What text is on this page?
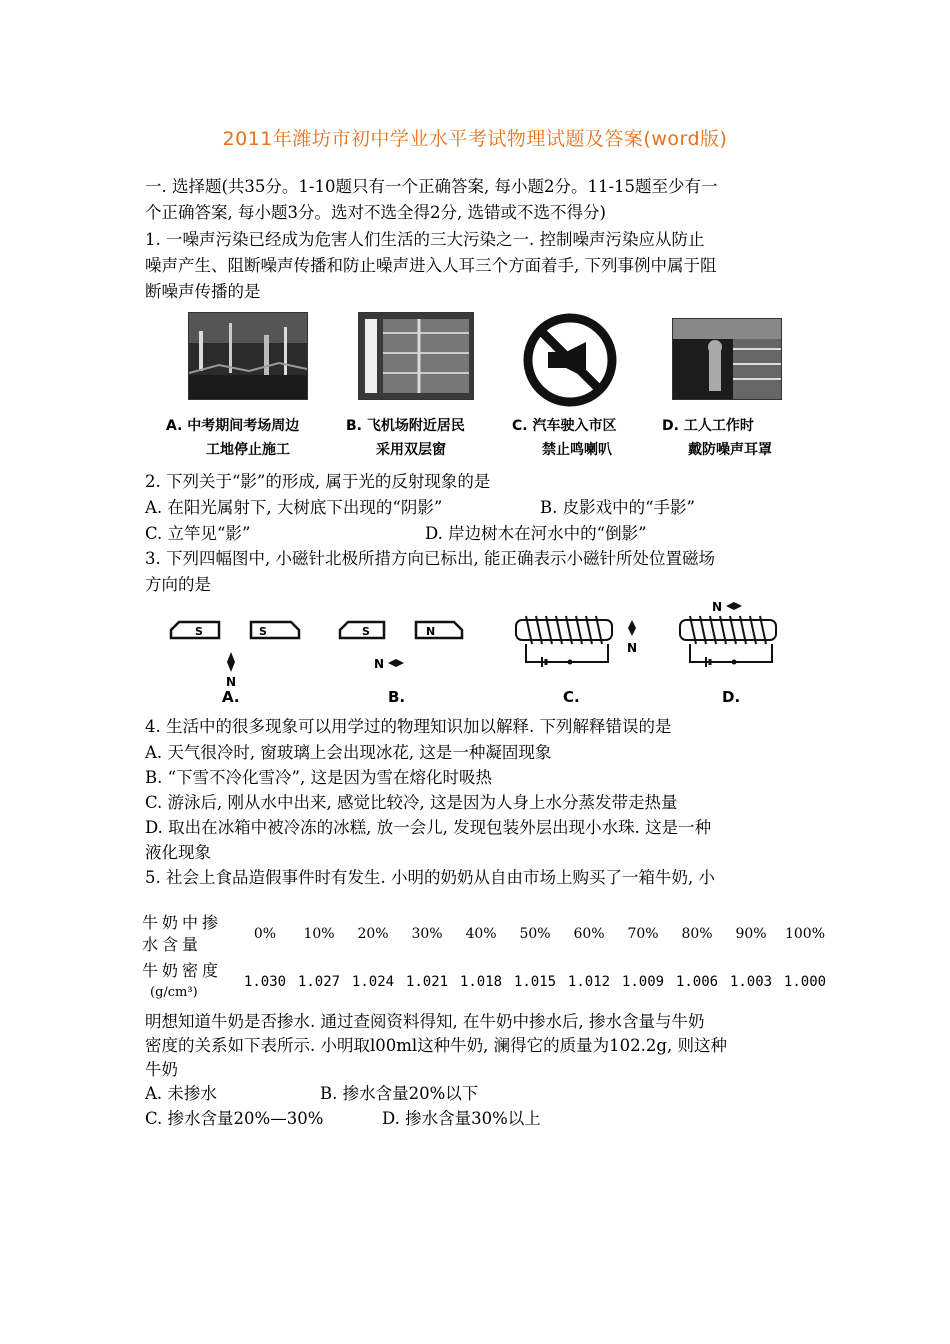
2011年潍坊市初中学业水平考试物理试题及答案(word版)
一. 选择题(共35分。1-10题只有一个正确答案, 每小题2分。11-15题至少有一
个正确答案, 每小题3分。选对不选全得2分, 选错或不选不得分)
1. 一噪声污染已经成为危害人们生活的三大污染之一. 控制噪声污染应从防止
噪声产生、阻断噪声传播和防止噪声进入人耳三个方面着手, 下列事例中属于阻
断噪声传播的是
A. 中考期间考场周边
工地停止施工
B. 飞机场附近居民
采用双层窗
C. 汽车驶入市区
禁止鸣喇叭
D. 工人工作时
戴防噪声耳罩
2. 下列关于“影”的形成, 属于光的反射现象的是
A. 在阳光属射下, 大树底下出现的“阴影”	B. 皮影戏中的“手影”
C. 立竿见“影”	D. 岸边树木在河水中的“倒影”
3. 下列四幅图中, 小磁针北极所措方向已标出, 能正确表示小磁针所处位置磁场
方向的是
S	S
N
A.
S	N
N
B.
N
C.
N
D.
4. 生活中的很多现象可以用学过的物理知识加以解释. 下列解释错误的是
A. 天气很冷时, 窗玻璃上会出现冰花, 这是一种凝固现象
B. “下雪不冷化雪冷”, 这是因为雪在熔化时吸热
C. 游泳后, 刚从水中出来, 感觉比较冷, 这是因为人身上水分蒸发带走热量
D. 取出在冰箱中被冷冻的冰糕, 放一会儿, 发现包装外层出现小水珠. 这是一种
液化现象
5. 社会上食品造假事件时有发生. 小明的奶奶从自由市场上购买了一箱牛奶, 小
牛奶中掺
水含量	0%	10%	20%	30%	40%	50%	60%	70%	80%	90%	100%

牛奶密度
(g/cm³)	1.030	1.027	1.024	1.021	1.018	1.015	1.012	1.009	1.006	1.003	1.000
明想知道牛奶是否掺水. 通过查阅资料得知, 在牛奶中掺水后, 掺水含量与牛奶
密度的关系如下表所示. 小明取l00ml这种牛奶, 澜得它的质量为102.2g, 则这种
牛奶
A. 未掺水	B. 掺水含量20%以下
C. 掺水含量20%—30%	D. 掺水含量30%以上
